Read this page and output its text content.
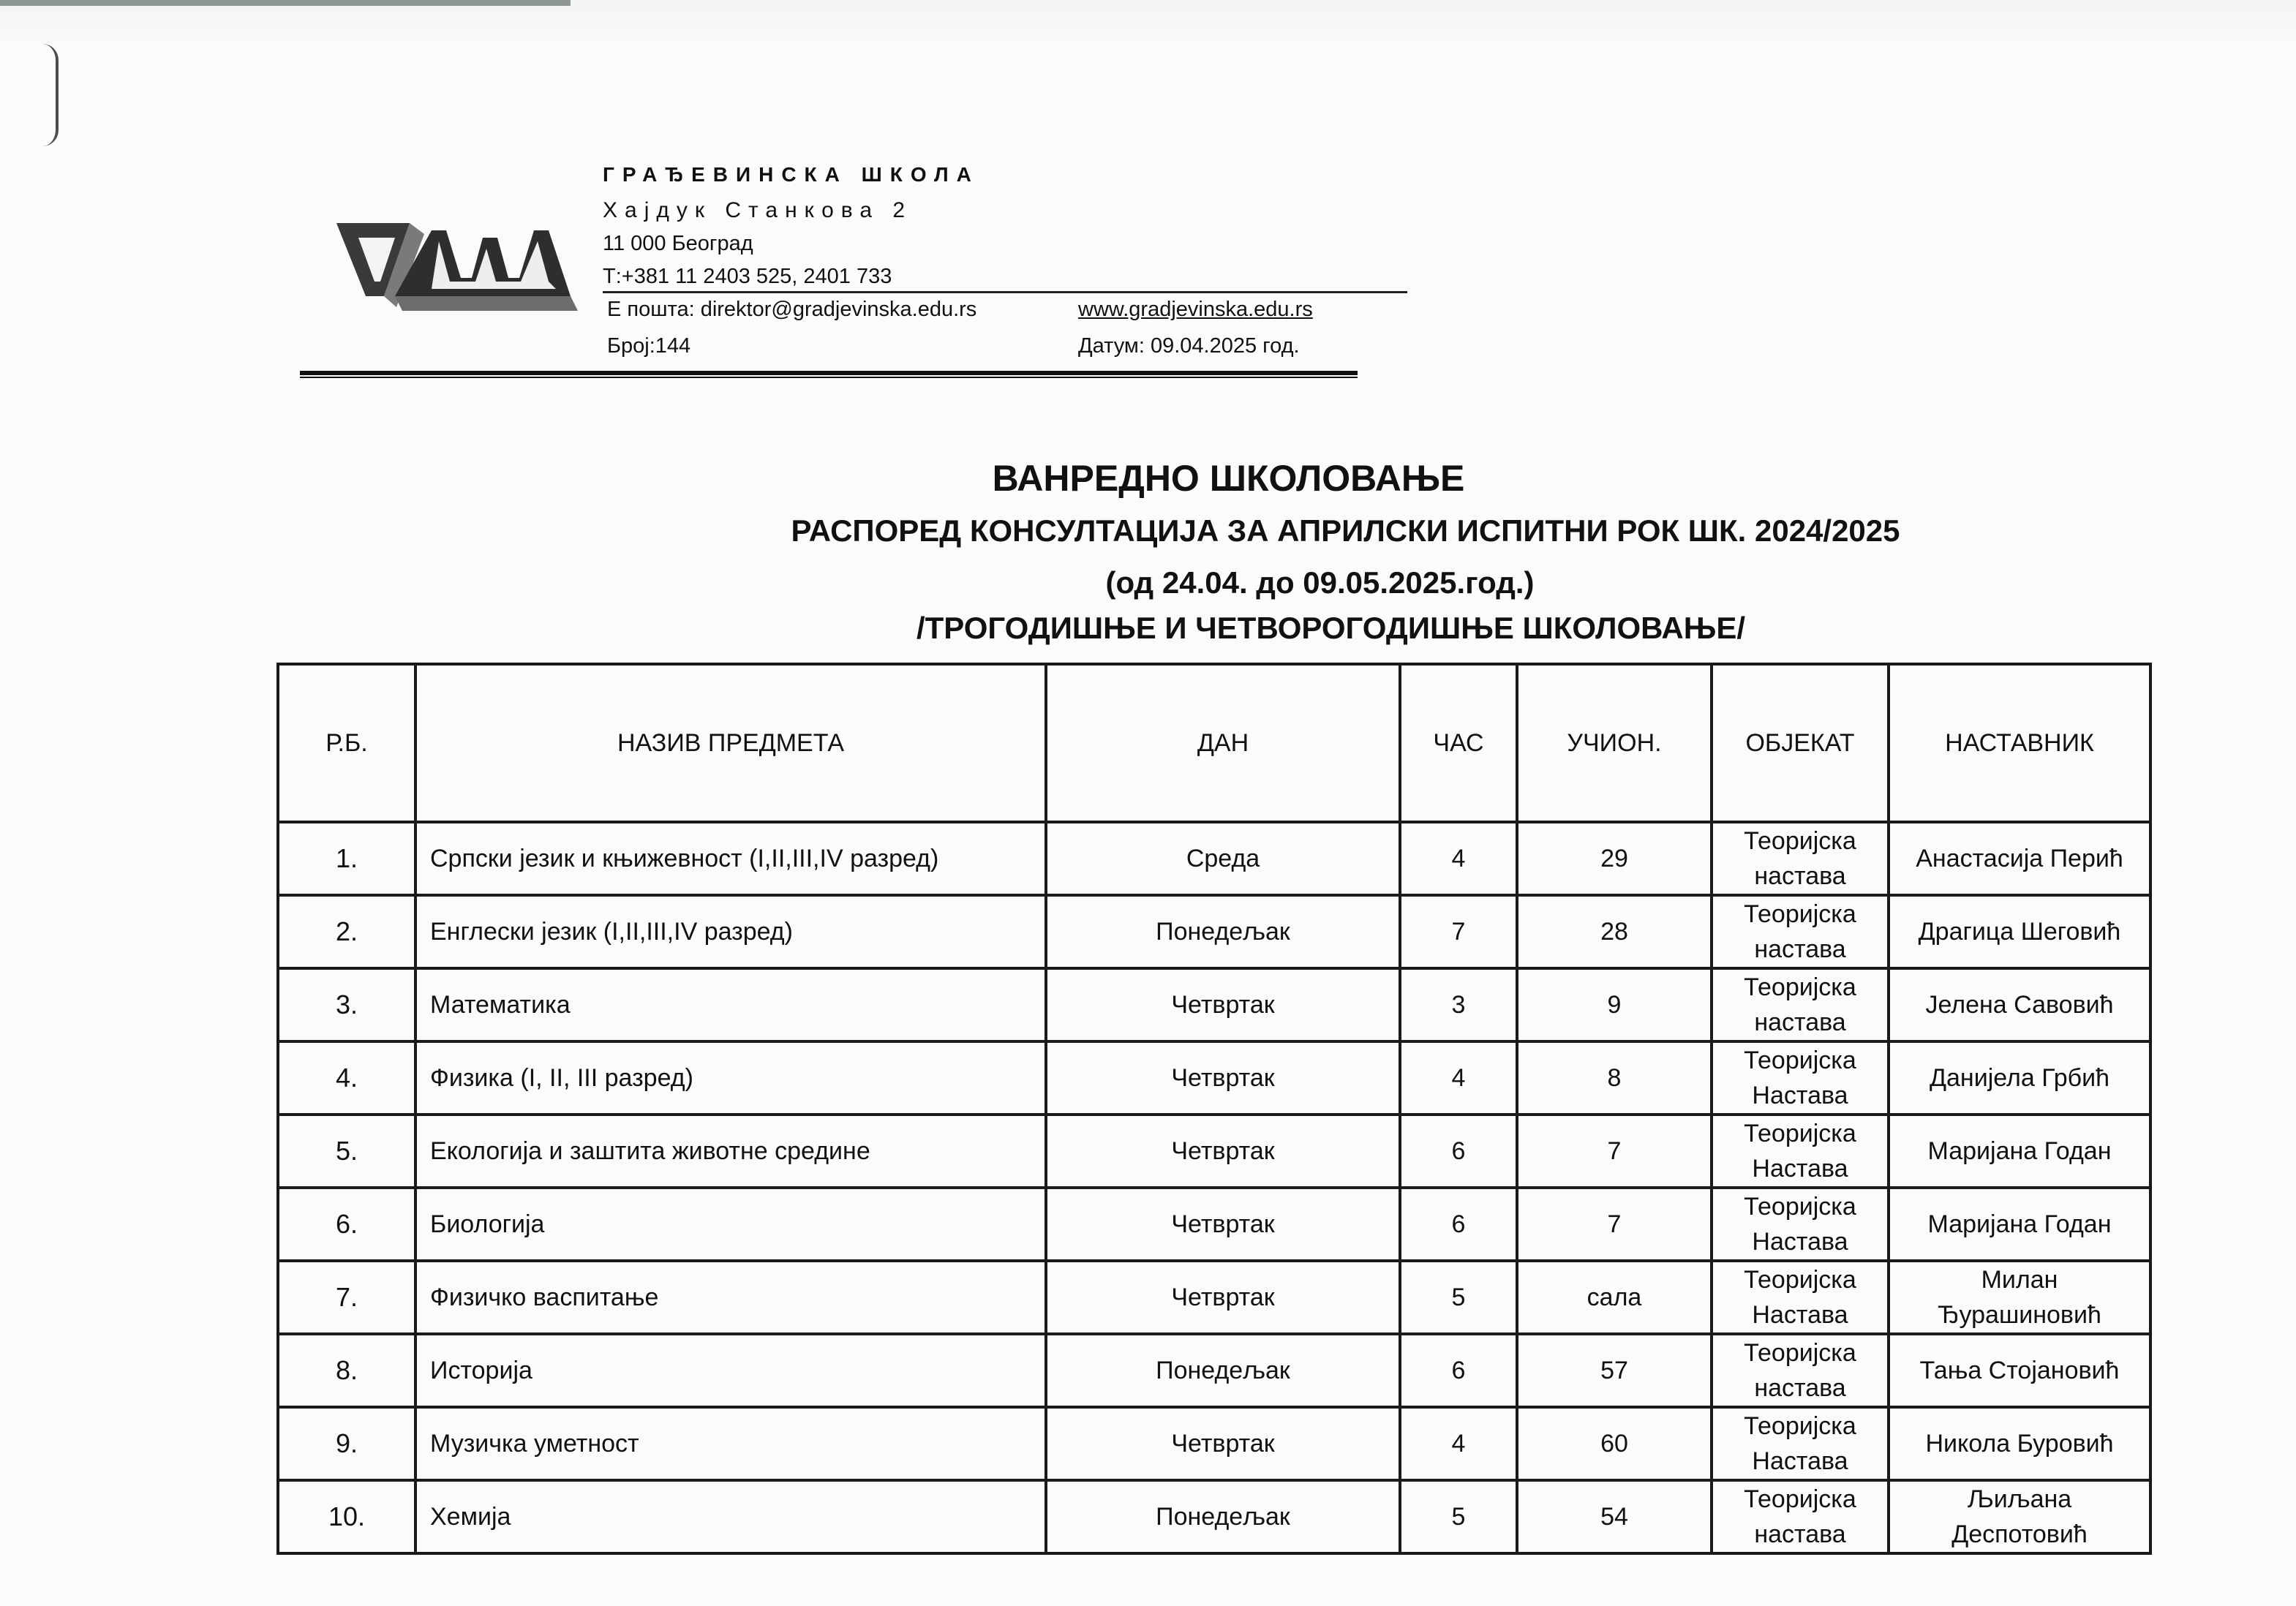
ГРАЂЕВИНСКА ШКОЛА
Хајдук Станкова 2
11 000 Београд
Т:+381 11 2403 525, 2401 733
Е пошта: direktor@gradjevinska.edu.rs	www.gradjevinska.edu.rs
Број:144	Датум: 09.04.2025 год.
ВАНРЕДНО ШКОЛОВАЊЕ
РАСПОРЕД КОНСУЛТАЦИЈА ЗА АПРИЛСКИ ИСПИТНИ РОК ШК. 2024/2025
(од 24.04. до 09.05.2025.год.)
/ТРОГОДИШЊЕ И ЧЕТВОРОГОДИШЊЕ ШКОЛОВАЊЕ/
Р.Б.	НАЗИВ ПРЕДМЕТА	ДАН	ЧАС	УЧИОН.	ОБЈЕКАТ	НАСТАВНИК
1.	Српски језик и књижевност (I,II,III,IV разред)	Среда	4	29	Теоријска настава	Анастасија Перић
2.	Енглески језик (I,II,III,IV разред)	Понедељак	7	28	Теоријска настава	Драгица Шеговић
3.	Математика	Четвртак	3	9	Теоријска настава	Јелена Савовић
4.	Физика (I, II, III разред)	Четвртак	4	8	Теоријска Настава	Данијела Грбић
5.	Екологија и заштита животне средине	Четвртак	6	7	Теоријска Настава	Маријана Годан
6.	Биологија	Четвртак	6	7	Теоријска Настава	Маријана Годан
7.	Физичко васпитање	Четвртак	5	сала	Теоријска Настава	Милан Ђурашиновић
8.	Историја	Понедељак	6	57	Теоријска настава	Тања Стојановић
9.	Музичка уметност	Четвртак	4	60	Теоријска Настава	Никола Буровић
10.	Хемија	Понедељак	5	54	Теоријска настава	Љиљана Деспотовић
